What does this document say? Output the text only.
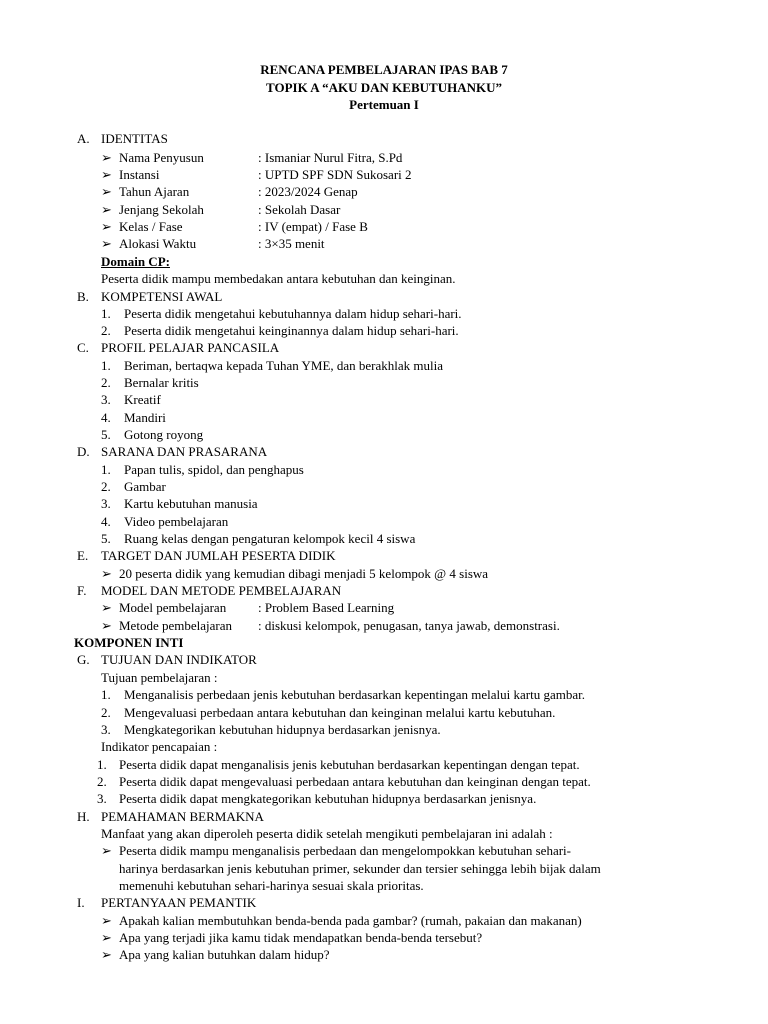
RENCANA PEMBELAJARAN IPAS BAB 7
TOPIK A “AKU DAN KEBUTUHANKU”
Pertemuan I
A. IDENTITAS
➢ Nama Penyusun	: Ismaniar Nurul Fitra, S.Pd
➢ Instansi	: UPTD SPF SDN Sukosari 2
➢ Tahun Ajaran	: 2023/2024 Genap
➢ Jenjang Sekolah	: Sekolah Dasar
➢ Kelas / Fase	: IV (empat) / Fase B
➢ Alokasi Waktu	: 3×35 menit
Domain CP:
Peserta didik mampu membedakan antara kebutuhan dan keinginan.
B. KOMPETENSI AWAL
1. Peserta didik mengetahui kebutuhannya dalam hidup sehari-hari.
2. Peserta didik mengetahui keinginannya dalam hidup sehari-hari.
C. PROFIL PELAJAR PANCASILA
1. Beriman, bertaqwa kepada Tuhan YME, dan berakhlak mulia
2. Bernalar kritis
3. Kreatif
4. Mandiri
5. Gotong royong
D. SARANA DAN PRASARANA
1. Papan tulis, spidol, dan penghapus
2. Gambar
3. Kartu kebutuhan manusia
4. Video pembelajaran
5. Ruang kelas dengan pengaturan kelompok kecil 4 siswa
E. TARGET DAN JUMLAH PESERTA DIDIK
➢ 20 peserta didik yang kemudian dibagi menjadi 5 kelompok @ 4 siswa
F. MODEL DAN METODE PEMBELAJARAN
➢ Model pembelajaran : Problem Based Learning
➢ Metode pembelajaran : diskusi kelompok, penugasan, tanya jawab, demonstrasi.
KOMPONEN INTI
G. TUJUAN DAN INDIKATOR
Tujuan pembelajaran :
1. Menganalisis perbedaan jenis kebutuhan berdasarkan kepentingan melalui kartu gambar.
2. Mengevaluasi perbedaan antara kebutuhan dan keinginan melalui kartu kebutuhan.
3. Mengkategorikan kebutuhan hidupnya berdasarkan jenisnya.
Indikator pencapaian :
1. Peserta didik dapat menganalisis jenis kebutuhan berdasarkan kepentingan dengan tepat.
2. Peserta didik dapat mengevaluasi perbedaan antara kebutuhan dan keinginan dengan tepat.
3. Peserta didik dapat mengkategorikan kebutuhan hidupnya berdasarkan jenisnya.
H. PEMAHAMAN BERMAKNA
Manfaat yang akan diperoleh peserta didik setelah mengikuti pembelajaran ini adalah :
➢ Peserta didik mampu menganalisis perbedaan dan mengelompokkan kebutuhan sehari-
harinya berdasarkan jenis kebutuhan primer, sekunder dan tersier sehingga lebih bijak dalam
memenuhi kebutuhan sehari-harinya sesuai skala prioritas.
I. PERTANYAAN PEMANTIK
➢ Apakah kalian membutuhkan benda-benda pada gambar? (rumah, pakaian dan makanan)
➢ Apa yang terjadi jika kamu tidak mendapatkan benda-benda tersebut?
➢ Apa yang kalian butuhkan dalam hidup?
